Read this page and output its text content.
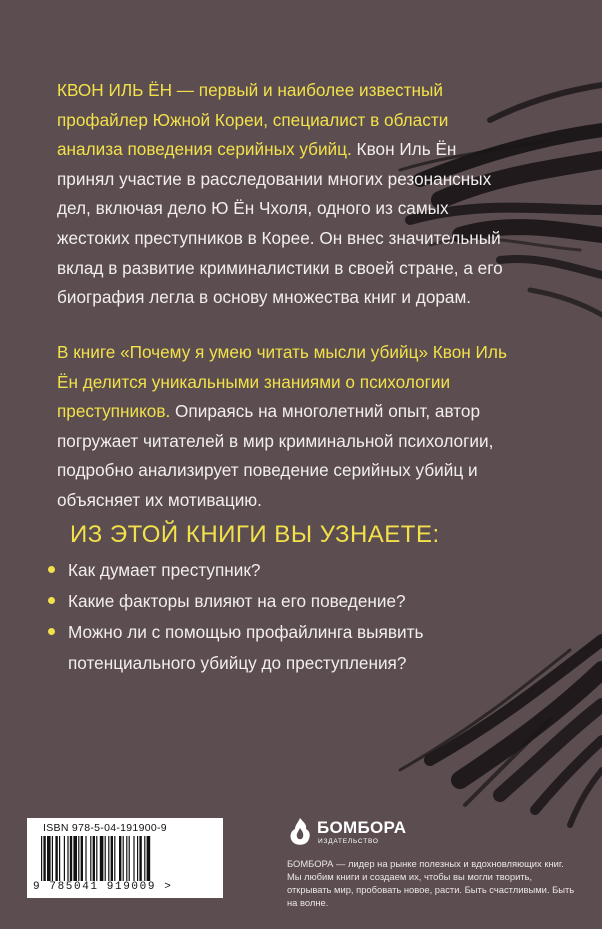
КВОН ИЛЬ ЁН — первый и наиболее известный профайлер Южной Кореи, специалист в области анализа поведения серийных убийц. Квон Иль Ён принял участие в расследовании многих резонансных дел, включая дело Ю Ён Чхоля, одного из самых жестоких преступников в Корее. Он внес значительный вклад в развитие криминалистики в своей стране, а его биография легла в основу множества книг и дорам.

В книге «Почему я умею читать мысли убийц» Квон Иль Ён делится уникальными знаниями о психологии преступников. Опираясь на многолетний опыт, автор погружает читателей в мир криминальной психологии, подробно анализирует поведение серийных убийц и объясняет их мотивацию.

ИЗ ЭТОЙ КНИГИ ВЫ УЗНАЕТЕ:
Как думает преступник?
Какие факторы влияют на его поведение?
Можно ли с помощью профайлинга выявить потенциального убийцу до преступления?
ISBN 978-5-04-191900-9
9 785041 919009 >
БОМБОРА
ИЗДАТЕЛЬСТВО

БОМБОРА — лидер на рынке полезных и вдохновляющих книг. Мы любим книги и создаем их, чтобы вы могли творить, открывать мир, пробовать новое, расти. Быть счастливыми. Быть на волне.
